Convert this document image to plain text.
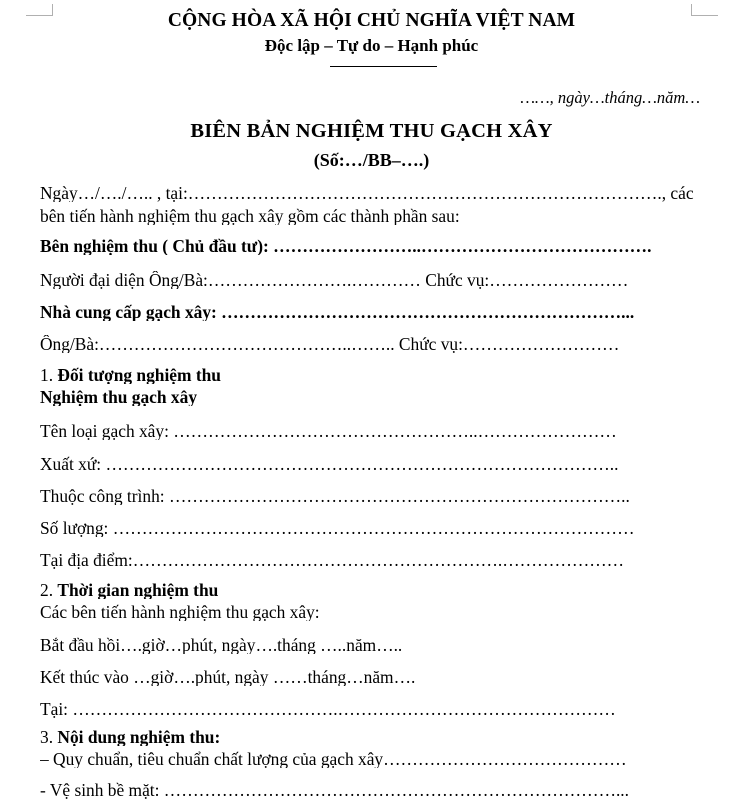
CỘNG HÒA XÃ HỘI CHỦ NGHĨA VIỆT NAM
Độc lập – Tự do – Hạnh phúc
……, ngày…tháng…năm…
BIÊN BẢN NGHIỆM THU GẠCH XÂY
(Số:…/BB–….)
Ngày…/…./….. , tại:………………………………………………………………………., các
bên tiến hành nghiệm thu gạch xây gồm các thành phần sau:
Bên nghiệm thu ( Chủ đầu tư): ……………………..………………………………….
Người đại diện Ông/Bà:…………………….………… Chức vụ:……………………
Nhà cung cấp gạch xây: ……………………………………………………………...
Ông/Bà:……………………………………..…….. Chức vụ:………………………
1. Đối tượng nghiệm thu
Nghiệm thu gạch xây
Tên loại gạch xây: ……………………………………………..……………………
Xuất xứ: ……………………………………………………………………………..
Thuộc công trình: ……………………………………………………………………..
Số lượng: ………………………………………………………………………………
Tại địa điểm:……………………………………………………….…………………
2. Thời gian nghiệm thu
Các bên tiến hành nghiệm thu gạch xây:
Bắt đầu hồi….giờ…phút, ngày….tháng …..năm…..
Kết thúc vào …giờ….phút, ngày ……tháng…năm….
Tại: ……………………………………….…………………………………………
3. Nội dung nghiệm thu:
– Quy chuẩn, tiêu chuẩn chất lượng của gạch xây……………………………………
- Vệ sinh bề mặt: ……………………………………………………………………...
